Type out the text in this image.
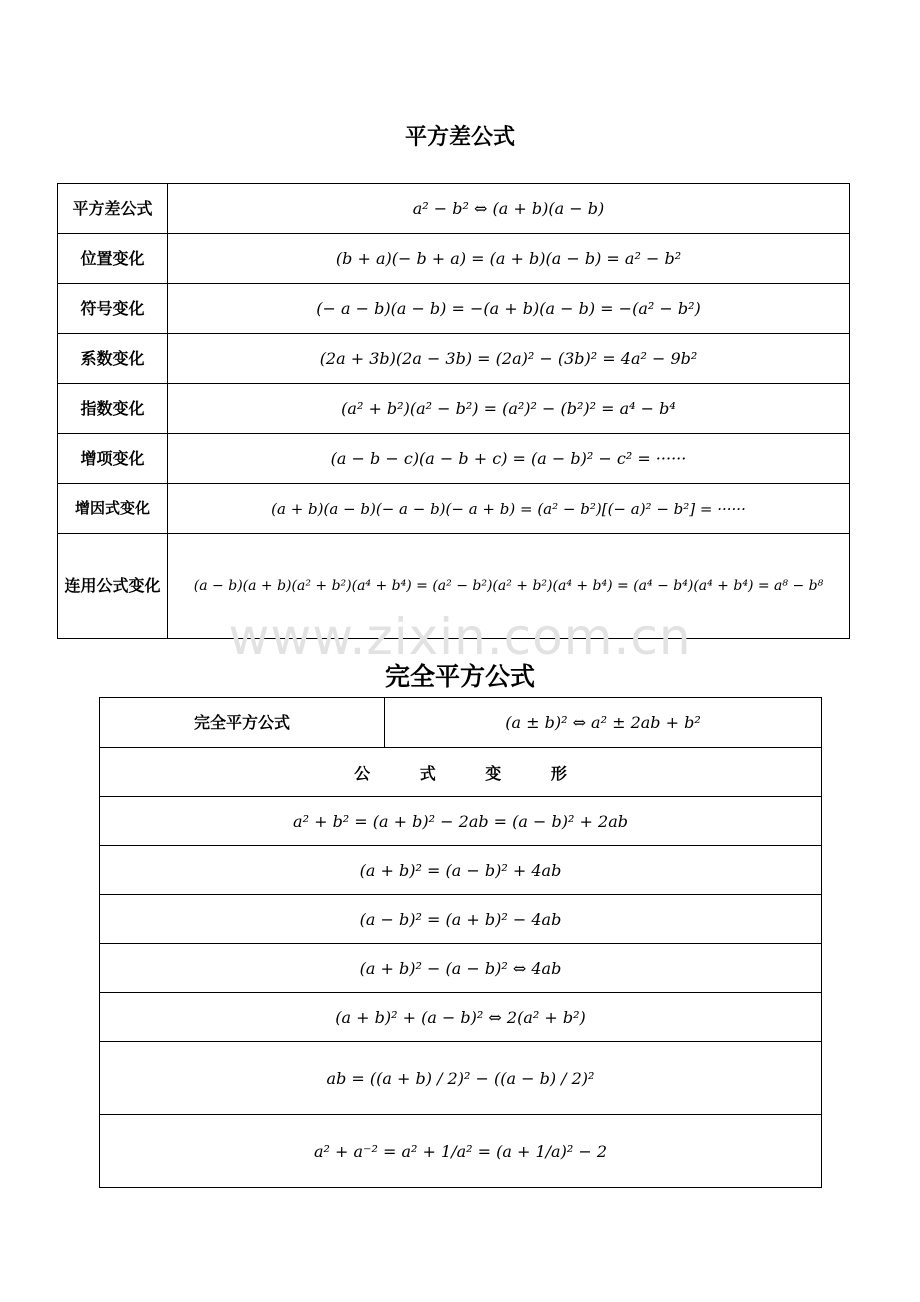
平方差公式
平方差公式	a² − b² ⇔ (a + b)(a − b)
位置变化	(b + a)(− b + a) = (a + b)(a − b) = a² − b²
符号变化	(− a − b)(a − b) = −(a + b)(a − b) = −(a² − b²)
系数变化	(2a + 3b)(2a − 3b) = (2a)² − (3b)² = 4a² − 9b²
指数变化	(a² + b²)(a² − b²) = (a²)² − (b²)² = a⁴ − b⁴
增项变化	(a − b − c)(a − b + c) = (a − b)² − c² = ······
增因式变化	(a + b)(a − b)(− a − b)(− a + b) = (a² − b²)[(− a)² − b²] = ······
连用公式变化	(a − b)(a + b)(a² + b²)(a⁴ + b⁴) = (a² − b²)(a² + b²)(a⁴ + b⁴) = (a⁴ − b⁴)(a⁴ + b⁴) = a⁸ − b⁸
www.zixin.com.cn
完全平方公式
完全平方公式	(a ± b)² ⇔ a² ± 2ab + b²
公 式 变 形
a² + b² = (a + b)² − 2ab = (a − b)² + 2ab
(a + b)² = (a − b)² + 4ab
(a − b)² = (a + b)² − 4ab
(a + b)² − (a − b)² ⇔ 4ab
(a + b)² + (a − b)² ⇔ 2(a² + b²)
ab = ((a + b) / 2)² − ((a − b) / 2)²
a² + a⁻² = a² + 1/a² = (a + 1/a)² − 2
